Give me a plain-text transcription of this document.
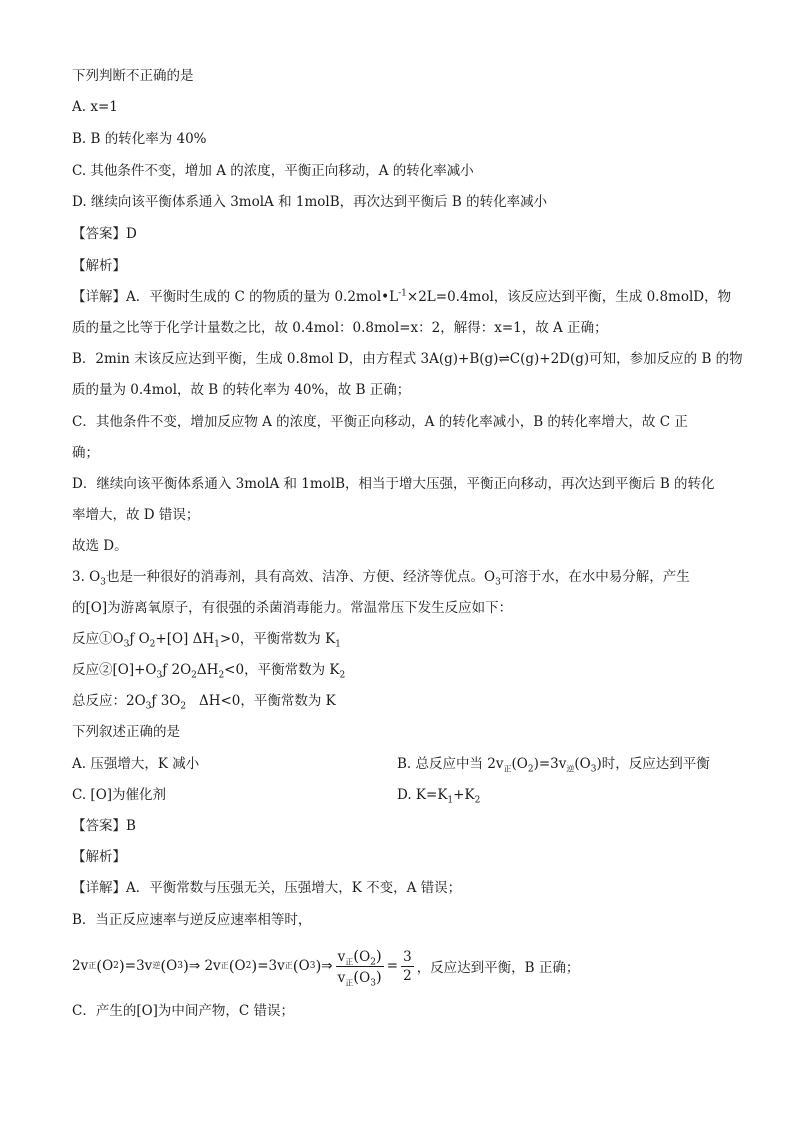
下列判断不正确的是
A. x=1
B. B 的转化率为 40%
C. 其他条件不变，增加 A 的浓度，平衡正向移动，A 的转化率减小
D. 继续向该平衡体系通入 3molA 和 1molB，再次达到平衡后 B 的转化率减小
【答案】D
【解析】
【详解】A．平衡时生成的 C 的物质的量为 $0.2mol•L^{-1}\times 2L=0.4mol$，该反应达到平衡，生成 0.8molD，物
质的量之比等于化学计量数之比，故 0.4mol：0.8mol=x：2，解得：x=1，故 A 正确；
B．2min 末该反应达到平衡，生成 0.8mol D，由方程式 3A(g)+B(g)⇌C(g)+2D(g)可知，参加反应的 B 的物
质的量为 0.4mol，故 B 的转化率为 40%，故 B 正确；
C．其他条件不变，增加反应物 A 的浓度，平衡正向移动，A 的转化率减小，B 的转化率增大，故 C 正
确；
D．继续向该平衡体系通入 3molA 和 1molB，相当于增大压强，平衡正向移动，再次达到平衡后 B 的转化
率增大，故 D 错误；
故选 D。
3. $O_3$也是一种很好的消毒剂，具有高效、洁净、方便、经济等优点。$O_3$可溶于水，在水中易分解，产生
的[O]为游离氧原子，有很强的杀菌消毒能力。常温常压下发生反应如下：
反应$①O_3ƒ$ $O_2+[O]$ $\Delta H_1>0$，平衡常数为 $K_1$
反应$②[O]+O_3ƒ$ $2O_2\Delta H_2<0$，平衡常数为 $K_2$
总反应：$2O_3ƒ$ $3O_2$ ΔH<0，平衡常数为 K
下列叙述正确的是
A. 压强增大，K 减小	B. 总反应中当 $2v_正(O_2)=3v_逆(O_3)$时，反应达到平衡
C. [O]为催化剂	D. $K=K_1+K_2$
【答案】B
【解析】
【详解】A．平衡常数与压强无关，压强增大，K 不变，A 错误；
B．当正反应速率与逆反应速率相等时，
2 v 正 ( O 2 ) = 3 v 逆 ( O 3 ) ⇒
2 v 正 ( O 2 ) = 3 v 正 ( O 3 ) ⇒ $\frac{v_正(O_2)}{v_正(O_3)} = \frac{3}{2}$ ，反应达到平衡，B 正确；
C．产生的[O]为中间产物，C 错误；
